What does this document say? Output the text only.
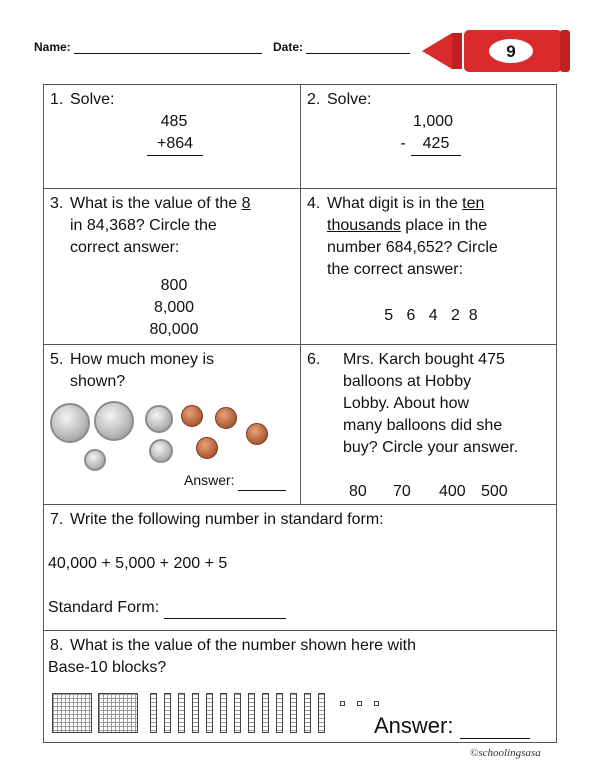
Name:	Date:	9
1. Solve:
485
+864
2. Solve:
1,000
-	425
3. What is the value of the 8
in 84,368? Circle the
correct answer:
800
8,000
80,000
4. What digit is in the ten
thousands place in the
number 684,652? Circle
the correct answer:
5   6   4   2  8
5. How much money is
shown?
Answer:
6. Mrs. Karch bought 475
balloons at Hobby
Lobby. About how
many balloons did she
buy? Circle your answer.
80 70 400 500
7. Write the following number in standard form:
40,000 + 5,000 + 200 + 5
Standard Form:
8. What is the value of the number shown here with
Base-10 blocks?
Answer:
©schoolingsasa
